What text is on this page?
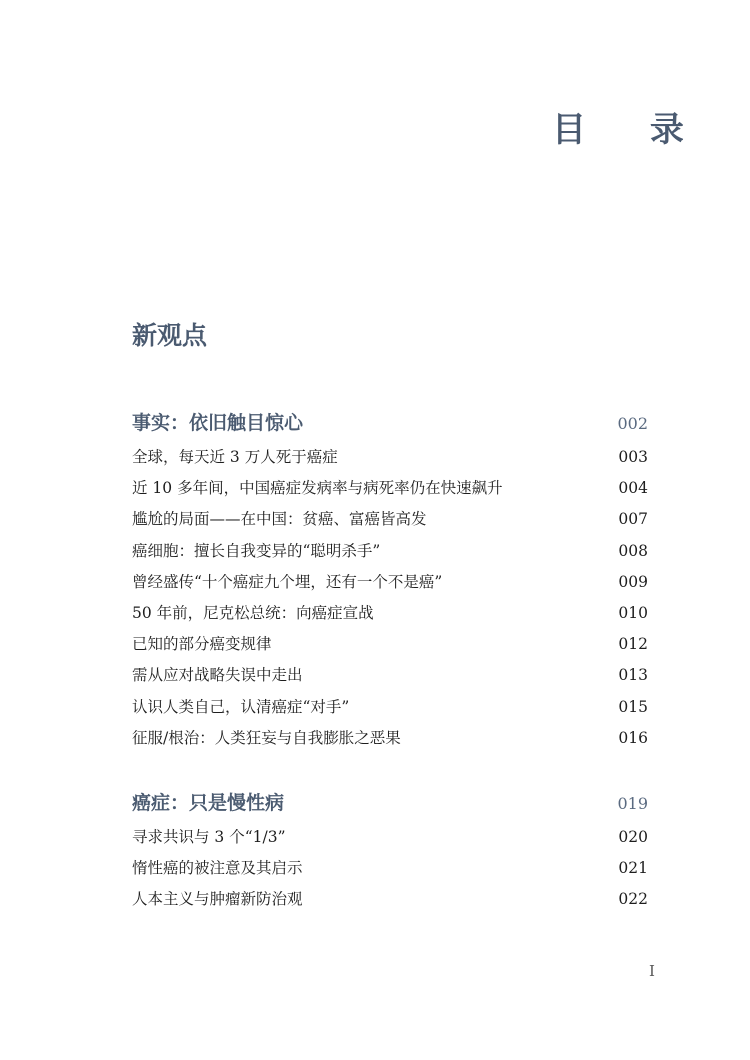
目 录
新观点
事实：依旧触目惊心	002
全球，每天近 3 万人死于癌症	003
近 10 多年间，中国癌症发病率与病死率仍在快速飙升	004
尴尬的局面——在中国：贫癌、富癌皆高发	007
癌细胞：擅长自我变异的“聪明杀手”	008
曾经盛传“十个癌症九个埋，还有一个不是癌”	009
50 年前，尼克松总统：向癌症宣战	010
已知的部分癌变规律	012
需从应对战略失误中走出	013
认识人类自己，认清癌症“对手”	015
征服/根治：人类狂妄与自我膨胀之恶果	016
癌症：只是慢性病	019
寻求共识与 3 个“1/3”	020
惰性癌的被注意及其启示	021
人本主义与肿瘤新防治观	022
I
